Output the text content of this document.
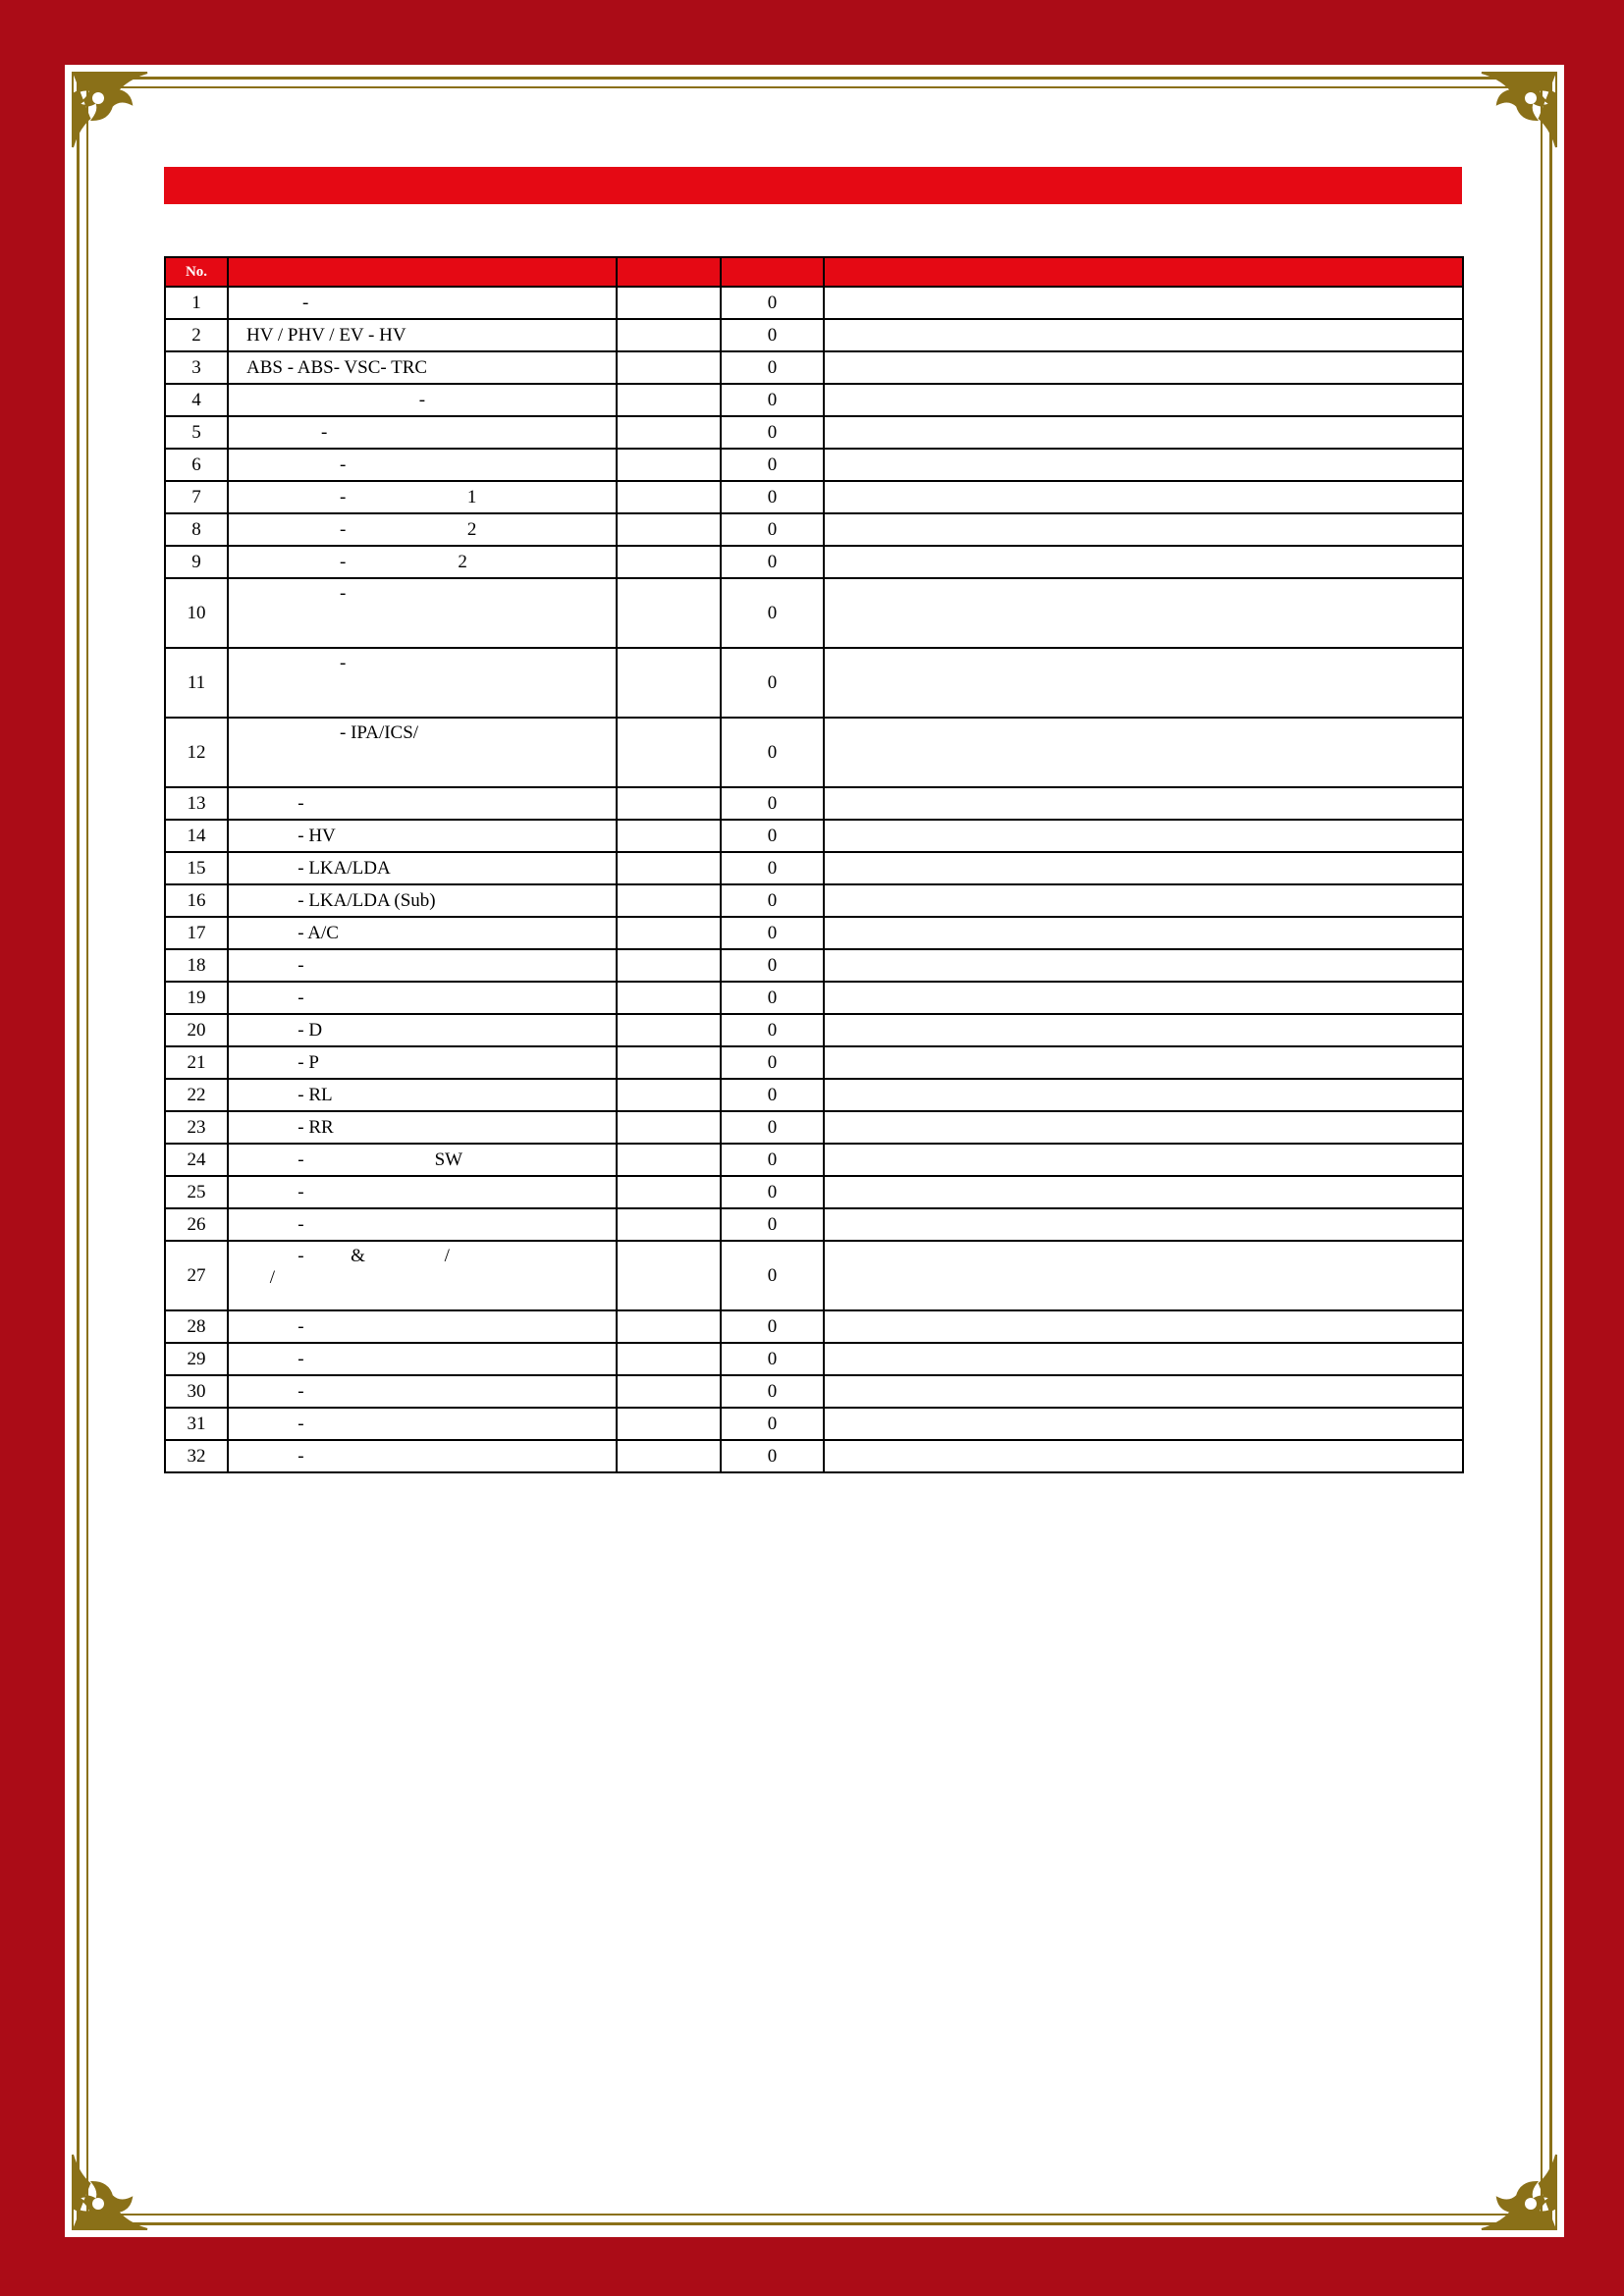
No.				
1	-		0	
2	HV / PHV / EV - HV		0	
3	ABS - ABS- VSC- TRC		0	
4	-		0	
5	-		0	
6	-		0	
7	-                          1		0	
8	-                          2		0	
9	-                        2		0	
10	-		0	
11	-		0	
12	- IPA/ICS/		0	
13	-		0	
14	- HV		0	
15	- LKA/LDA		0	
16	- LKA/LDA (Sub)		0	
17	- A/C		0	
18	-		0	
19	-		0	
20	- D		0	
21	- P		0	
22	- RL		0	
23	- RR		0	
24	-                            SW		0	
25	-		0	
26	-		0	
27	-          &                 /
/		0	
28	-		0	
29	-		0	
30	-		0	
31	-		0	
32	-		0	
